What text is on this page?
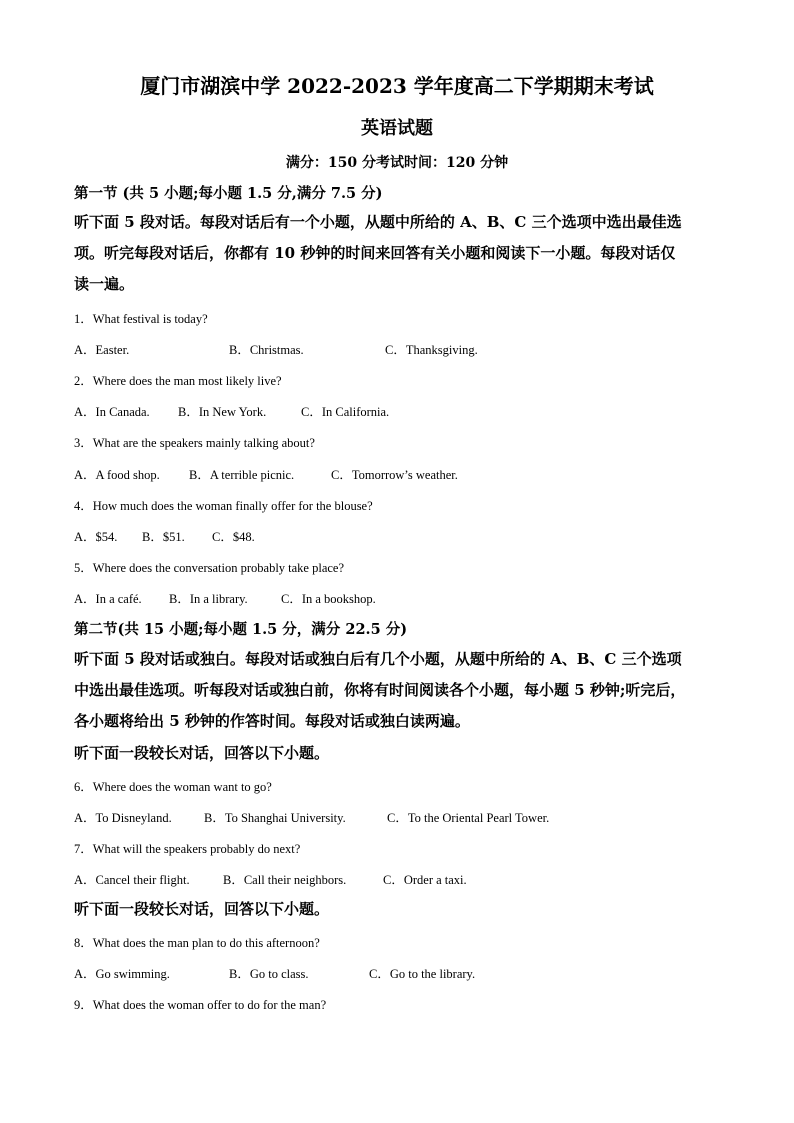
厦门市湖滨中学 2022-2023 学年度高二下学期期末考试
英语试题
满分：150 分考试时间：120 分钟
第一节 (共 5 小题;每小题 1.5 分,满分 7.5 分)
听下面 5 段对话。每段对话后有一个小题，从题中所给的 A、B、C 三个选项中选出最佳选
项。听完每段对话后，你都有 10 秒钟的时间来回答有关小题和阅读下一小题。每段对话仅
读一遍。
1．What festival is today?
A．Easter.	B．Christmas.	C．Thanksgiving.
2．Where does the man most likely live?
A．In Canada. B．In New York.	C．In California.
3．What are the speakers mainly talking about?
A．A food shop. B．A terrible picnic.	C．Tomorrow’s weather.
4．How much does the woman finally offer for the blouse?
A．$54. B．$51. C．$48.
5．Where does the conversation probably take place?
A．In a café. B．In a library.	C．In a bookshop.
第二节(共 15 小题;每小题 1.5 分，满分 22.5 分)
听下面 5 段对话或独白。每段对话或独白后有几个小题，从题中所给的 A、B、C 三个选项
中选出最佳选项。听每段对话或独白前，你将有时间阅读各个小题，每小题 5 秒钟;听完后，
各小题将给出 5 秒钟的作答时间。每段对话或独白读两遍。
听下面一段较长对话，回答以下小题。
6．Where does the woman want to go?
A．To Disneyland.	B．To Shanghai University.	C．To the Oriental Pearl Tower.
7．What will the speakers probably do next?
A．Cancel their flight.	B．Call their neighbors.	C．Order a taxi.
听下面一段较长对话，回答以下小题。
8．What does the man plan to do this afternoon?
A．Go swimming.	B．Go to class.	C．Go to the library.
9．What does the woman offer to do for the man?
